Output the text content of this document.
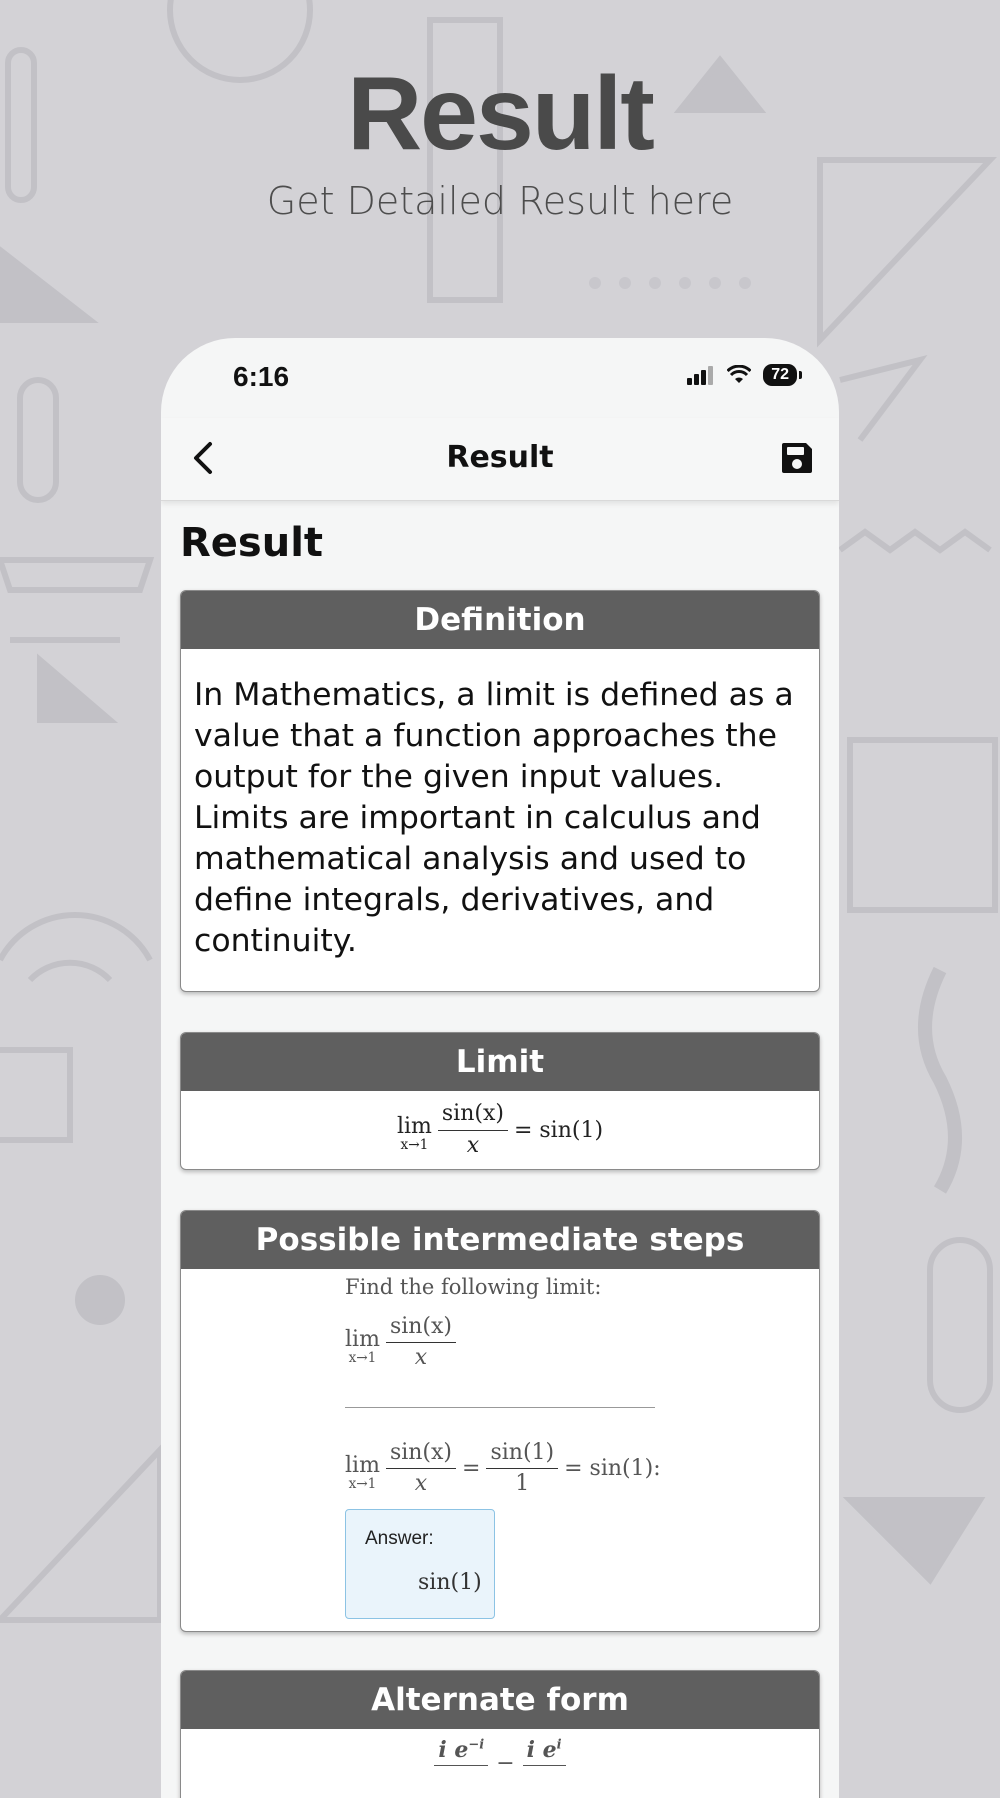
Result
Get Detailed Result here
6:16	72
Result
Result
Definition
In Mathematics, a limit is defined as a value that a function approaches the output for the given input values. Limits are important in calculus and mathematical analysis and used to define integrals, derivatives, and continuity.
Limit
lim
$x\to 1 \frac{\sin(x)}{x} = \sin(1)$
Possible intermediate steps
Find the following limit:
lim
$x\to 1 \frac{\sin(x)}{x}$
lim
$x\to 1 \frac{\sin(x)}{x} = \frac{\sin(1)}{1} = \sin(1)$:
Answer:
sin(1)
Alternate form
i $e^{-i}$
−
i $e^i$
